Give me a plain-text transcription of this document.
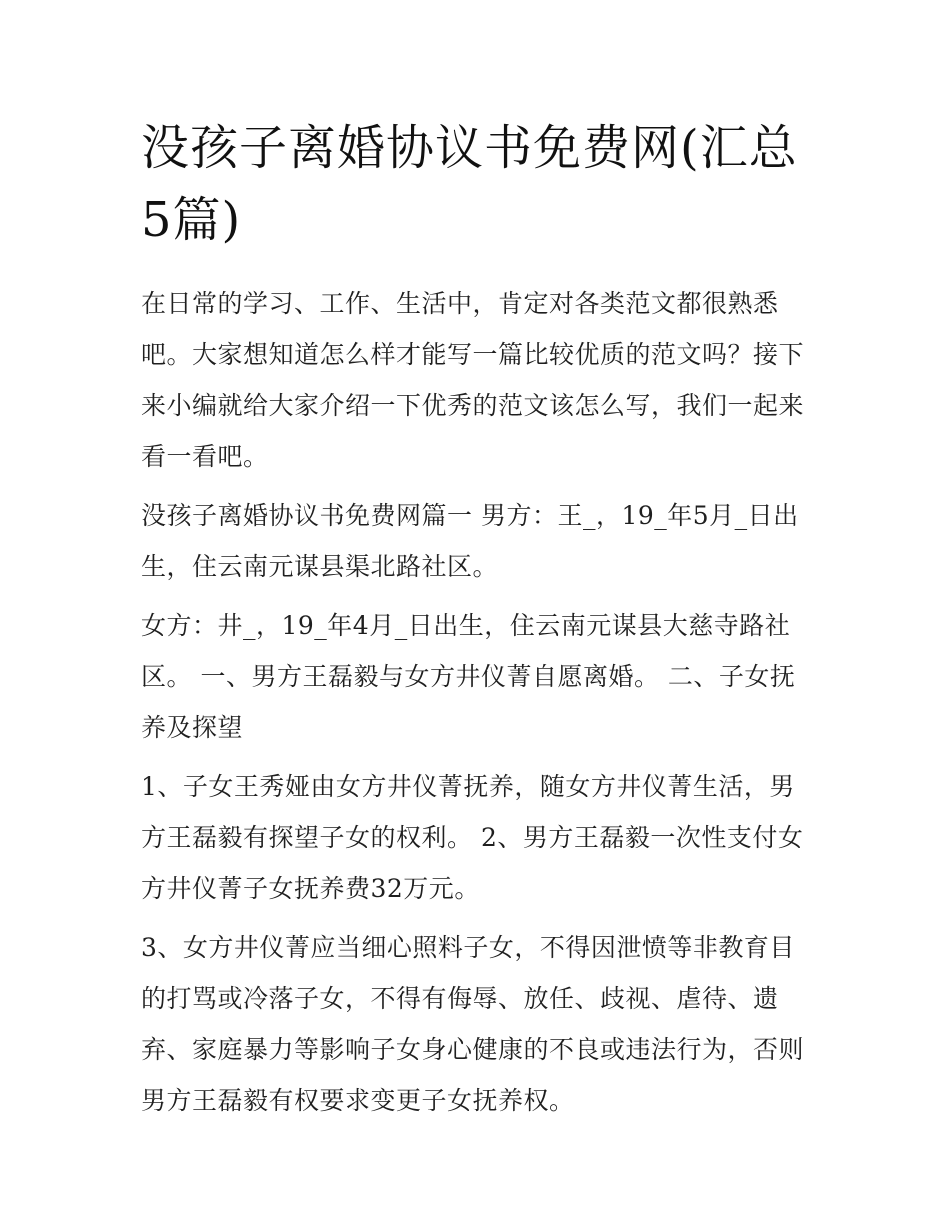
没孩子离婚协议书免费网(汇总5篇)

在日常的学习、工作、生活中，肯定对各类范文都很熟悉吧。大家想知道怎么样才能写一篇比较优质的范文吗？接下来小编就给大家介绍一下优秀的范文该怎么写，我们一起来看一看吧。

没孩子离婚协议书免费网篇一 男方：王_，19_年5月_日出生，住云南元谋县渠北路社区。

女方：井_，19_年4月_日出生，住云南元谋县大慈寺路社区。 一、男方王磊毅与女方井仪菁自愿离婚。 二、子女抚养及探望

1、子女王秀娅由女方井仪菁抚养，随女方井仪菁生活，男方王磊毅有探望子女的权利。 2、男方王磊毅一次性支付女方井仪菁子女抚养费32万元。

3、女方井仪菁应当细心照料子女，不得因泄愤等非教育目的打骂或冷落子女，不得有侮辱、放任、歧视、虐待、遗弃、家庭暴力等影响子女身心健康的不良或违法行为，否则男方王磊毅有权要求变更子女抚养权。
